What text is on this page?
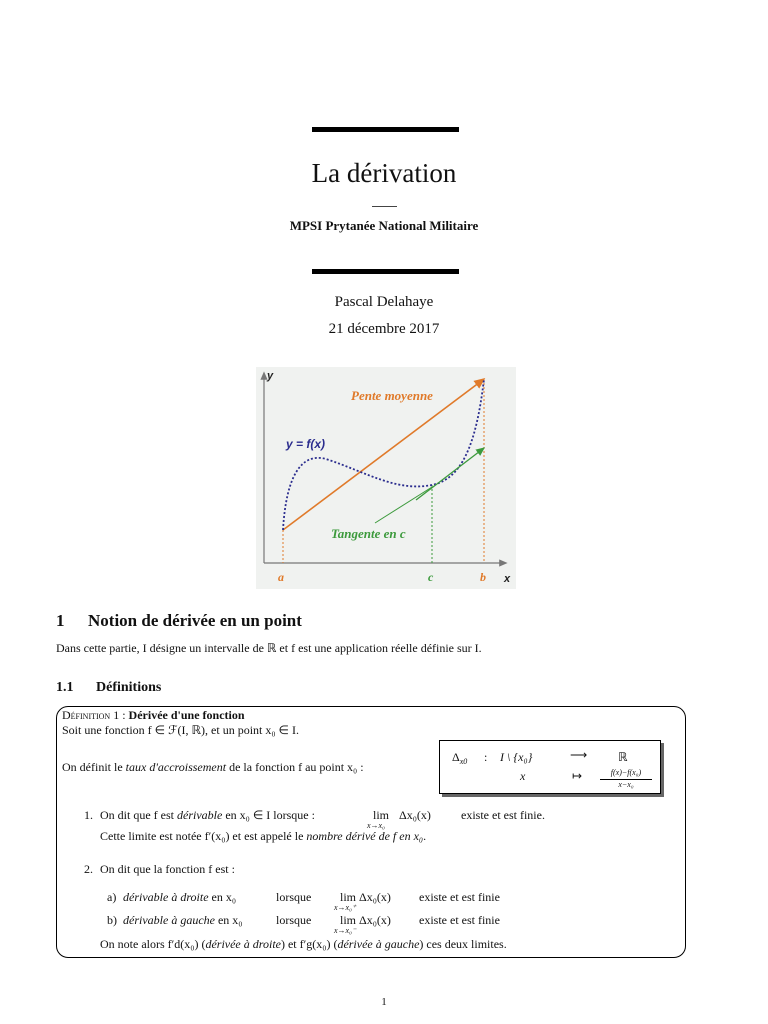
La dérivation
MPSI Prytanée National Militaire
Pascal Delahaye
21 décembre 2017
y
x
Pente moyenne
y = f(x)
Tangente en c
a	c	b
1 Notion de dérivée en un point
Dans cette partie, I désigne un intervalle de ℝ et f est une application réelle définie sur I.
1.1 Définitions
Définition 1 : Dérivée d'une fonction
Soit une fonction f ∈ ℱ(I, ℝ), et un point x₀ ∈ I.
On définit le taux d'accroissement de la fonction f au point x₀ :
$\Delta_{x0}$ : I \ {x₀}	⟶	ℝ
x	↦	f(x)−f(x₀)
x−x₀
1. On dit que f est dérivable en x₀ ∈ I lorsque :	lim
x→x₀
Δx₀(x)	existe et est finie.
Cette limite est notée f′(x₀) et est appelé le nombre dérivé de f en x₀.
2. On dit que la fonction f est :
a) dérivable à droite en x₀	lorsque lim
x→x₀⁺
Δx₀(x) existe et est finie
b) dérivable à gauche en x₀	lorsque lim
x→x₀⁻
Δx₀(x) existe et est finie
On note alors f′d(x₀) (dérivée à droite) et f′g(x₀) (dérivée à gauche) ces deux limites.
1
